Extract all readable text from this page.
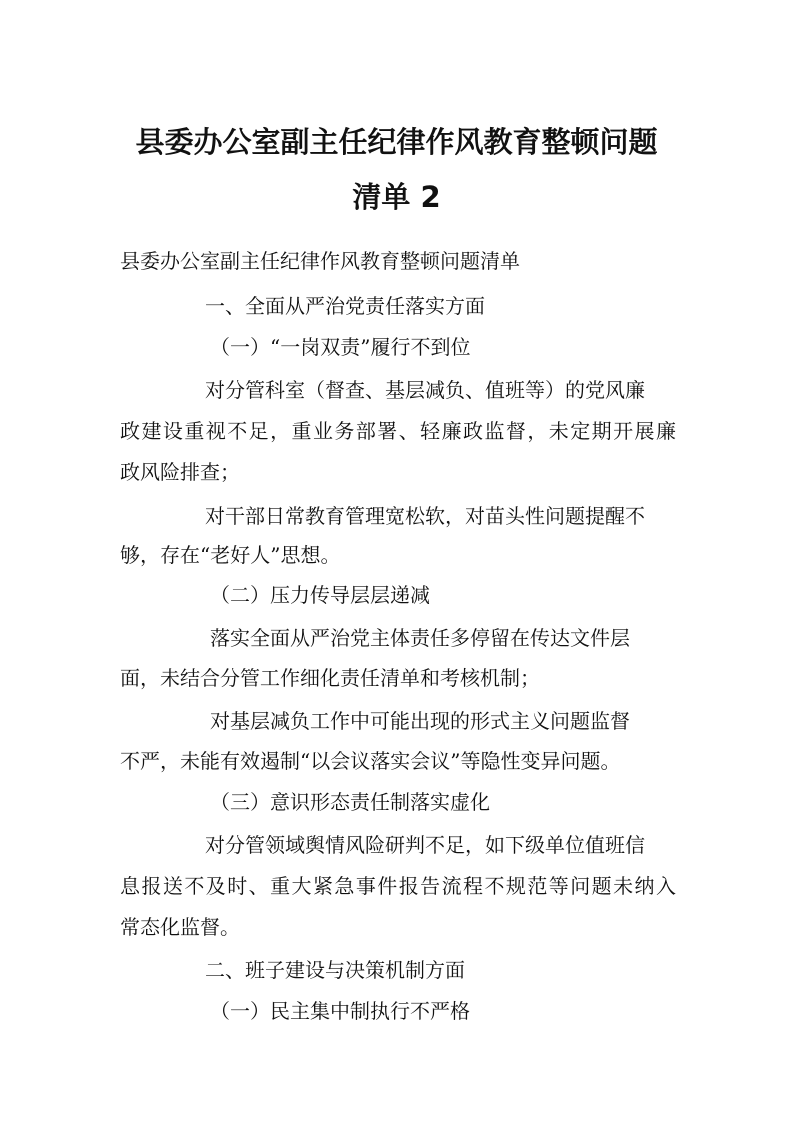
县委办公室副主任纪律作风教育整顿问题
清单 2

县委办公室副主任纪律作风教育整顿问题清单

一、全面从严治党责任落实方面

（一）“一岗双责”履行不到位

对分管科室（督查、基层减负、值班等）的党风廉

政建设重视不足，重业务部署、轻廉政监督，未定期开展廉

政风险排查；

对干部日常教育管理宽松软，对苗头性问题提醒不

够，存在“老好人”思想。

（二）压力传导层层递减

落实全面从严治党主体责任多停留在传达文件层

面，未结合分管工作细化责任清单和考核机制；

对基层减负工作中可能出现的形式主义问题监督

不严，未能有效遏制“以会议落实会议”等隐性变异问题。

（三）意识形态责任制落实虚化

对分管领域舆情风险研判不足，如下级单位值班信

息报送不及时、重大紧急事件报告流程不规范等问题未纳入

常态化监督。

二、班子建设与决策机制方面

（一）民主集中制执行不严格
